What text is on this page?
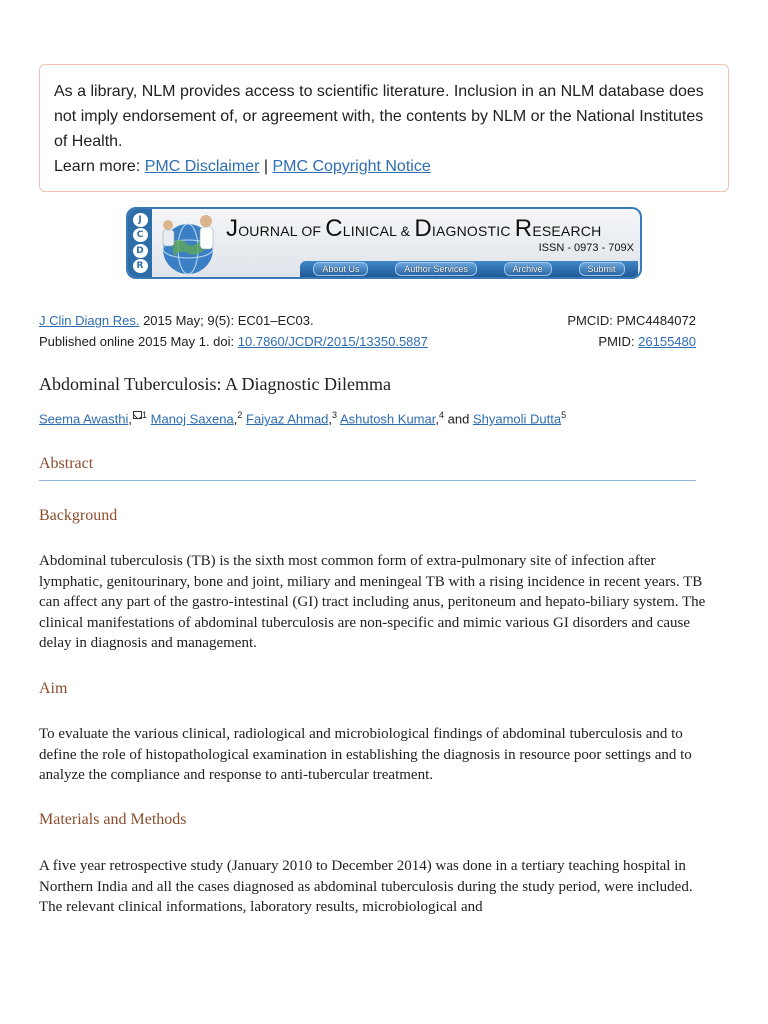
As a library, NLM provides access to scientific literature. Inclusion in an NLM database does not imply endorsement of, or agreement with, the contents by NLM or the National Institutes of Health.

Learn more: PMC Disclaimer | PMC Copyright Notice

J
C
D
R
JOURNAL OF CLINICAL & DIAGNOSTIC RESEARCH
ISSN - 0973 - 709X
About Us	Author Services	Archive	Submit
J Clin Diagn Res. 2015 May; 9(5): EC01–EC03.	PMCID: PMC4484072
Published online 2015 May 1. doi: 10.7860/JCDR/2015/13350.5887	PMID: 26155480
Abdominal Tuberculosis: A Diagnostic Dilemma
Seema Awasthi, $^1$ Manoj Saxena,$^2$ Faiyaz Ahmad,$^3$ Ashutosh Kumar,$^4$ and Shyamoli Dutta$^5$
Abstract
Background
Abdominal tuberculosis (TB) is the sixth most common form of extra-pulmonary site of infection after lymphatic, genitourinary, bone and joint, miliary and meningeal TB with a rising incidence in recent years. TB can affect any part of the gastro-intestinal (GI) tract including anus, peritoneum and hepato-biliary system. The clinical manifestations of abdominal tuberculosis are non-specific and mimic various GI disorders and cause delay in diagnosis and management.
Aim
To evaluate the various clinical, radiological and microbiological findings of abdominal tuberculosis and to define the role of histopathological examination in establishing the diagnosis in resource poor settings and to analyze the compliance and response to anti-tubercular treatment.
Materials and Methods
A five year retrospective study (January 2010 to December 2014) was done in a tertiary teaching hospital in Northern India and all the cases diagnosed as abdominal tuberculosis during the study period, were included. The relevant clinical informations, laboratory results, microbiological and
